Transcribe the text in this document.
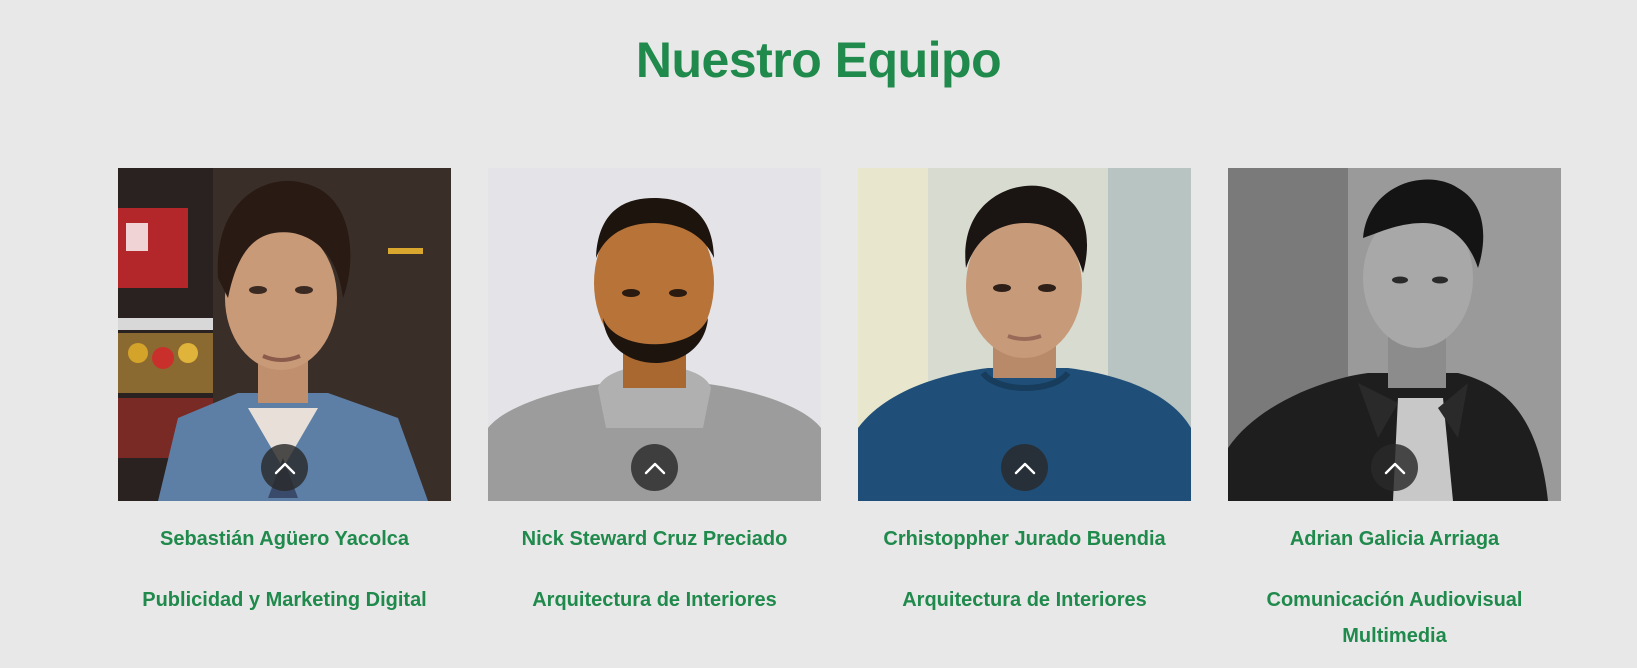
Nuestro Equipo
Sebastián Agüero Yacolca
Publicidad y Marketing Digital
Nick Steward Cruz Preciado
Arquitectura de Interiores
Crhistoppher Jurado Buendia
Arquitectura de Interiores
Adrian Galicia Arriaga
Comunicación Audiovisual Multimedia
